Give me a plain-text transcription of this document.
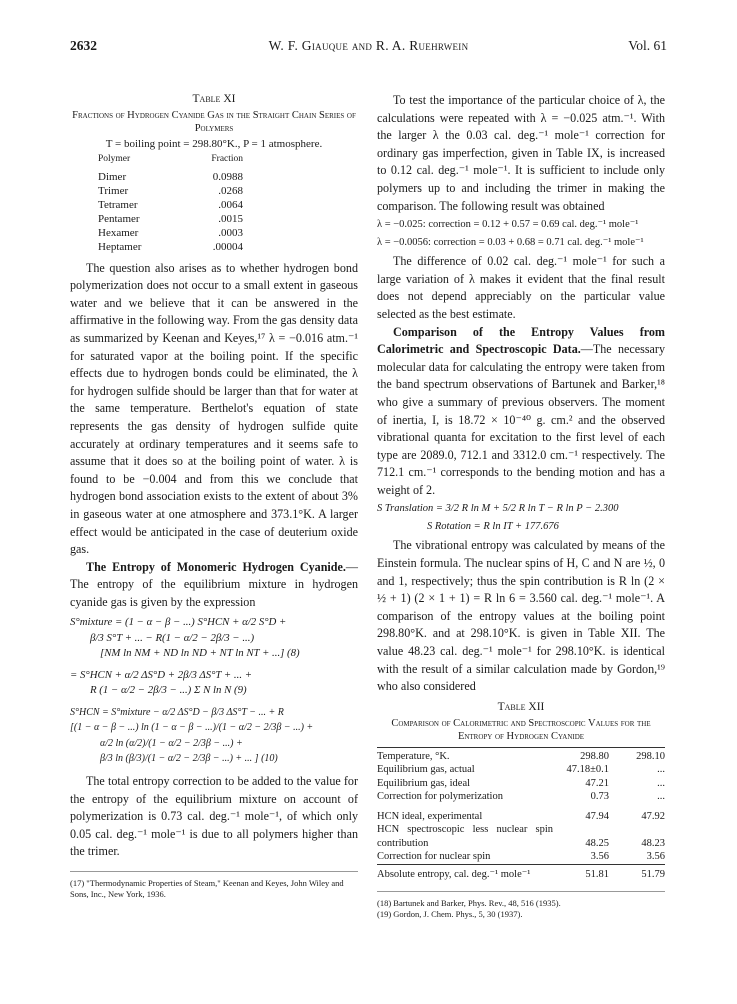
2632	W. F. Giauque and R. A. Ruehrwein	Vol. 61
Table XI
Fractions of Hydrogen Cyanide Gas in the Straight Chain Series of Polymers
T = boiling point = 298.80°K., P = 1 atmosphere.
Polymer	Fraction
Dimer	0.0988
Trimer	.0268
Tetramer	.0064
Pentamer	.0015
Hexamer	.0003
Heptamer	.00004

The question also arises as to whether hydrogen bond polymerization does not occur to a small extent in gaseous water and we believe that it can be answered in the affirmative in the following way. From the gas density data as summarized by Keenan and Keyes,¹⁷ λ = −0.016 atm.⁻¹ for saturated vapor at the boiling point. If the specific effects due to hydrogen bonds could be eliminated, the λ for hydrogen sulfide should be larger than that for water at the same temperature. Berthelot's equation of state represents the gas density of hydrogen sulfide quite accurately at ordinary temperatures and it seems safe to assume that it does so at the boiling point of water. λ is found to be −0.004 and from this we conclude that hydrogen bond association exists to the extent of about 3% in gaseous water at one atmosphere and 373.1°K. A larger effect would be anticipated in the case of deuterium oxide gas.

The Entropy of Monomeric Hydrogen Cyanide.—The entropy of the equilibrium mixture in hydrogen cyanide gas is given by the expression

S°mixture = (1 − α − β − ...) S°HCN + α/2 S°D +
β/3 S°T + ... − R(1 − α/2 − 2β/3 − ...)
[NM ln NM + ND ln ND + NT ln NT + ...] (8)
= S°HCN + α/2 ΔS°D + 2β/3 ΔS°T + ... +
R (1 − α/2 − 2β/3 − ...) Σ N ln N (9)
S°HCN = S°mixture − α/2 ΔS°D − β/3 ΔS°T − ... + R
[(1 − α − β − ...) ln (1 − α − β − ...)/(1 − α/2 − 2/3β − ...) +
α/2 ln (α/2)/(1 − α/2 − 2/3β − ...) +
β/3 ln (β/3)/(1 − α/2 − 2/3β − ...) + ... ] (10)

The total entropy correction to be added to the value for the entropy of the equilibrium mixture on account of polymerization is 0.73 cal. deg.⁻¹ mole⁻¹, of which only 0.05 cal. deg.⁻¹ mole⁻¹ is due to all polymers higher than the trimer.

(17) "Thermodynamic Properties of Steam," Keenan and Keyes, John Wiley and Sons, Inc., New York, 1936.

To test the importance of the particular choice of λ, the calculations were repeated with λ = −0.025 atm.⁻¹. With the larger λ the 0.03 cal. deg.⁻¹ mole⁻¹ correction for ordinary gas imperfection, given in Table IX, is increased to 0.12 cal. deg.⁻¹ mole⁻¹. It is sufficient to include only polymers up to and including the trimer in making the comparison. The following result was obtained

λ = −0.025: correction = 0.12 + 0.57 = 0.69 cal. deg.⁻¹ mole⁻¹
λ = −0.0056: correction = 0.03 + 0.68 = 0.71 cal. deg.⁻¹ mole⁻¹

The difference of 0.02 cal. deg.⁻¹ mole⁻¹ for such a large variation of λ makes it evident that the final result does not depend appreciably on the particular value selected as the best estimate.

Comparison of the Entropy Values from Calorimetric and Spectroscopic Data.—The necessary molecular data for calculating the entropy were taken from the band spectrum observations of Bartunek and Barker,¹⁸ who give a summary of previous observers. The moment of inertia, I, is 18.72 × 10⁻⁴⁰ g. cm.² and the observed vibrational quanta for excitation to the first level of each type are 2089.0, 712.1 and 3312.0 cm.⁻¹ respectively. The 712.1 cm.⁻¹ corresponds to the bending motion and has a weight of 2.

S Translation = 3/2 R ln M + 5/2 R ln T − R ln P − 2.300
S Rotation = R ln IT + 177.676

The vibrational entropy was calculated by means of the Einstein formula. The nuclear spins of H, C and N are ½, 0 and 1, respectively; thus the spin contribution is R ln (2 × ½ + 1) (2 × 1 + 1) = R ln 6 = 3.560 cal. deg.⁻¹ mole⁻¹. A comparison of the entropy values at the boiling point 298.80°K. and at 298.10°K. is given in Table XII. The value 48.23 cal. deg.⁻¹ mole⁻¹ for 298.10°K. is identical with the result of a similar calculation made by Gordon,¹⁹ who also considered

Table XII
Comparison of Calorimetric and Spectroscopic Values for the Entropy of Hydrogen Cyanide
Temperature, °K.	298.80	298.10
Equilibrium gas, actual	47.18±0.1	...
Equilibrium gas, ideal	47.21	...
Correction for polymerization	0.73	...
HCN ideal, experimental	47.94	47.92
HCN spectroscopic less nuclear spin contribution	48.25	48.23
Correction for nuclear spin	3.56	3.56
Absolute entropy, cal. deg.⁻¹ mole⁻¹	51.81	51.79
(18) Bartunek and Barker, Phys. Rev., 48, 516 (1935).
(19) Gordon, J. Chem. Phys., 5, 30 (1937).
